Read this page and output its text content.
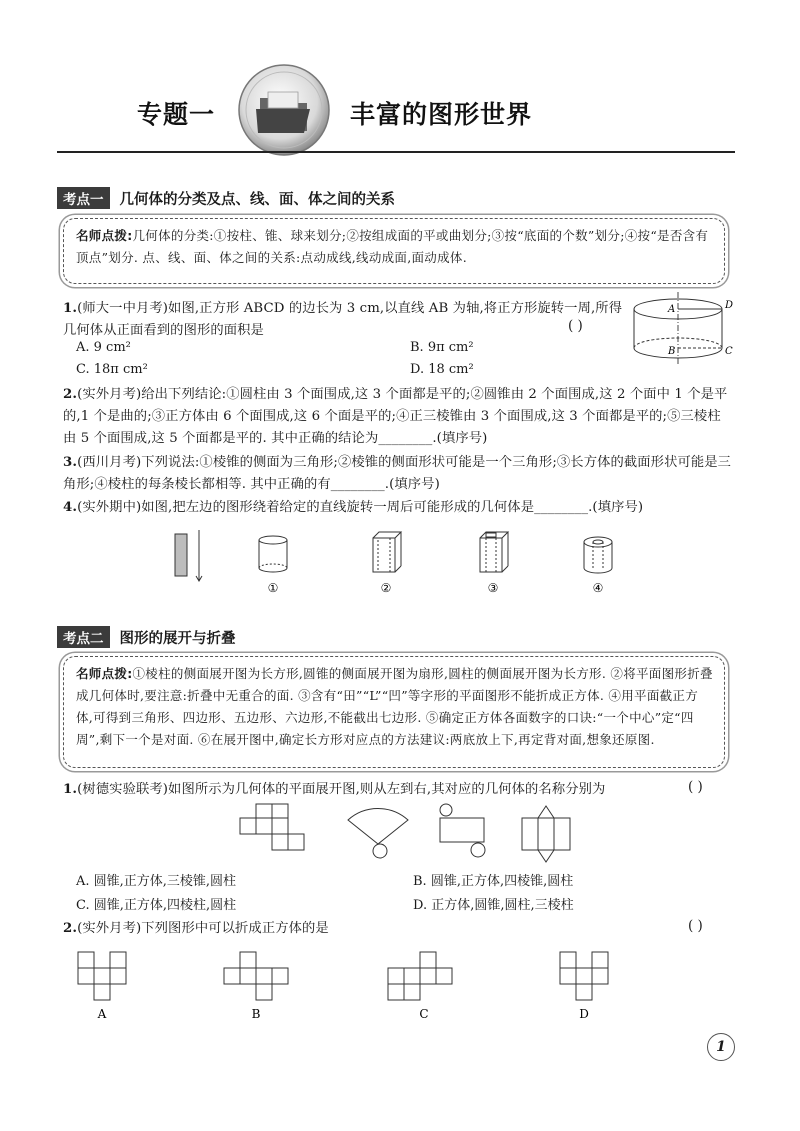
专题一	丰富的图形世界
考点一 几何体的分类及点、线、面、体之间的关系
名师点拨:几何体的分类:①按柱、锥、球来划分;②按组成面的平或曲划分;③按“底面的个数”划分;④按“是否含有顶点”划分. 点、线、面、体之间的关系:点动成线,线动成面,面动成体.
1.(师大一中月考)如图,正方形 ABCD 的边长为 3 cm,以直线 AB 为轴,将正方形旋转一周,所得几何体从正面看到的图形的面积是	( )
A. 9 cm²	B. 9π cm²
C. 18π cm²	D. 18 cm²
A	D
B	C
2.(实外月考)给出下列结论:①圆柱由 3 个面围成,这 3 个面都是平的;②圆锥由 2 个面围成,这 2 个面中 1 个是平的,1 个是曲的;③正方体由 6 个面围成,这 6 个面是平的;④正三棱锥由 3 个面围成,这 3 个面都是平的;⑤三棱柱由 5 个面围成,这 5 个面都是平的. 其中正确的结论为________.(填序号)
3.(西川月考)下列说法:①棱锥的侧面为三角形;②棱锥的侧面形状可能是一个三角形;③长方体的截面形状可能是三角形;④棱柱的每条棱长都相等. 其中正确的有________.(填序号)
4.(实外期中)如图,把左边的图形绕着给定的直线旋转一周后可能形成的几何体是________.(填序号)
①	②	③	④
考点二 图形的展开与折叠
名师点拨:①棱柱的侧面展开图为长方形,圆锥的侧面展开图为扇形,圆柱的侧面展开图为长方形. ②将平面图形折叠成几何体时,要注意:折叠中无重合的面. ③含有“田”“L”“凹”等字形的平面图形不能折成正方体. ④用平面截正方体,可得到三角形、四边形、五边形、六边形,不能截出七边形. ⑤确定正方体各面数字的口诀:“一个中心”定“四周”,剩下一个是对面. ⑥在展开图中,确定长方形对应点的方法建议:两底放上下,再定背对面,想象还原图.
1.(树德实验联考)如图所示为几何体的平面展开图,则从左到右,其对应的几何体的名称分别为	( )
A. 圆锥,正方体,三棱锥,圆柱	B. 圆锥,正方体,四棱锥,圆柱
C. 圆锥,正方体,四棱柱,圆柱	D. 正方体,圆锥,圆柱,三棱柱
2.(实外月考)下列图形中可以折成正方体的是	( )
A	B	C	D
1
